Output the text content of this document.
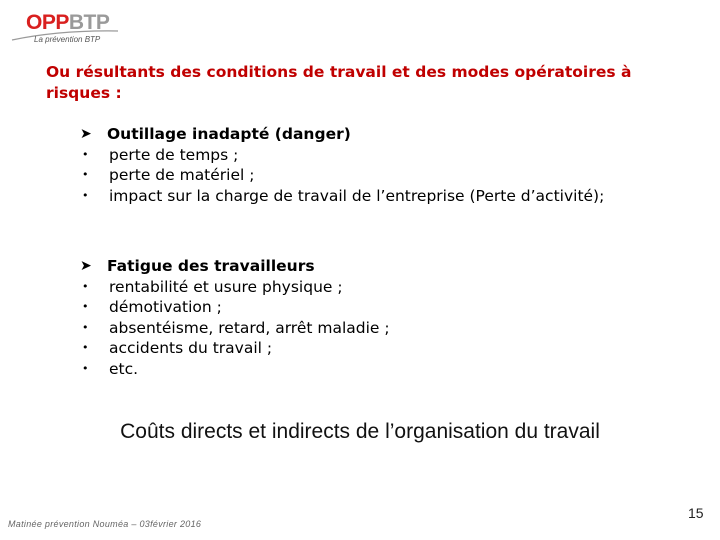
OPPBTP
La prévention BTP
Ou résultants des conditions de travail et des modes opératoires à risques :
➤ Outillage inadapté (danger)
•	perte de temps ;
•	perte de matériel ;
•	impact sur la charge de travail de l’entreprise (Perte d’activité);
➤ Fatigue des travailleurs
•	rentabilité et usure physique ;
•	démotivation ;
•	absentéisme, retard, arrêt maladie ;
•	accidents du travail ;
•	etc.
Coûts directs et indirects de l’organisation du travail
Matinée prévention Nouméa – 03février 2016
15
